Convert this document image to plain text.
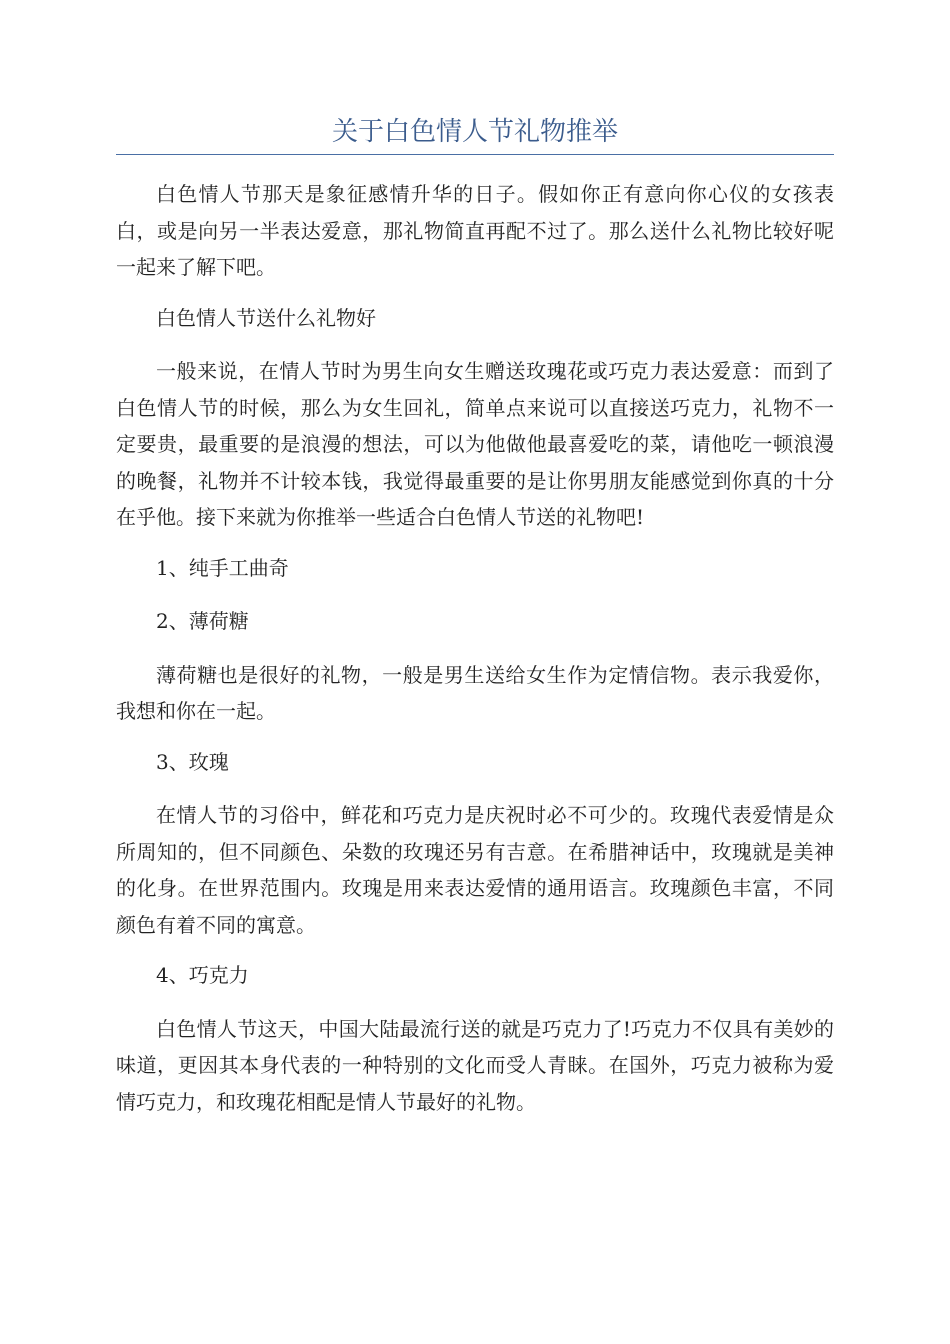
关于白色情人节礼物推举

白色情人节那天是象征感情升华的日子。假如你正有意向你心仪的女孩表白，或是向另一半表达爱意，那礼物简直再配不过了。那么送什么礼物比较好呢一起来了解下吧。

白色情人节送什么礼物好

一般来说，在情人节时为男生向女生赠送玫瑰花或巧克力表达爱意：而到了白色情人节的时候，那么为女生回礼，简单点来说可以直接送巧克力，礼物不一定要贵，最重要的是浪漫的想法，可以为他做他最喜爱吃的菜，请他吃一顿浪漫的晚餐，礼物并不计较本钱，我觉得最重要的是让你男朋友能感觉到你真的十分在乎他。接下来就为你推举一些适合白色情人节送的礼物吧!

1、纯手工曲奇

2、薄荷糖

薄荷糖也是很好的礼物，一般是男生送给女生作为定情信物。表示我爱你，我想和你在一起。

3、玫瑰

在情人节的习俗中，鲜花和巧克力是庆祝时必不可少的。玫瑰代表爱情是众所周知的，但不同颜色、朵数的玫瑰还另有吉意。在希腊神话中，玫瑰就是美神的化身。在世界范围内。玫瑰是用来表达爱情的通用语言。玫瑰颜色丰富，不同颜色有着不同的寓意。

4、巧克力

白色情人节这天，中国大陆最流行送的就是巧克力了!巧克力不仅具有美妙的味道，更因其本身代表的一种特别的文化而受人青睐。在国外，巧克力被称为爱情巧克力，和玫瑰花相配是情人节最好的礼物。
